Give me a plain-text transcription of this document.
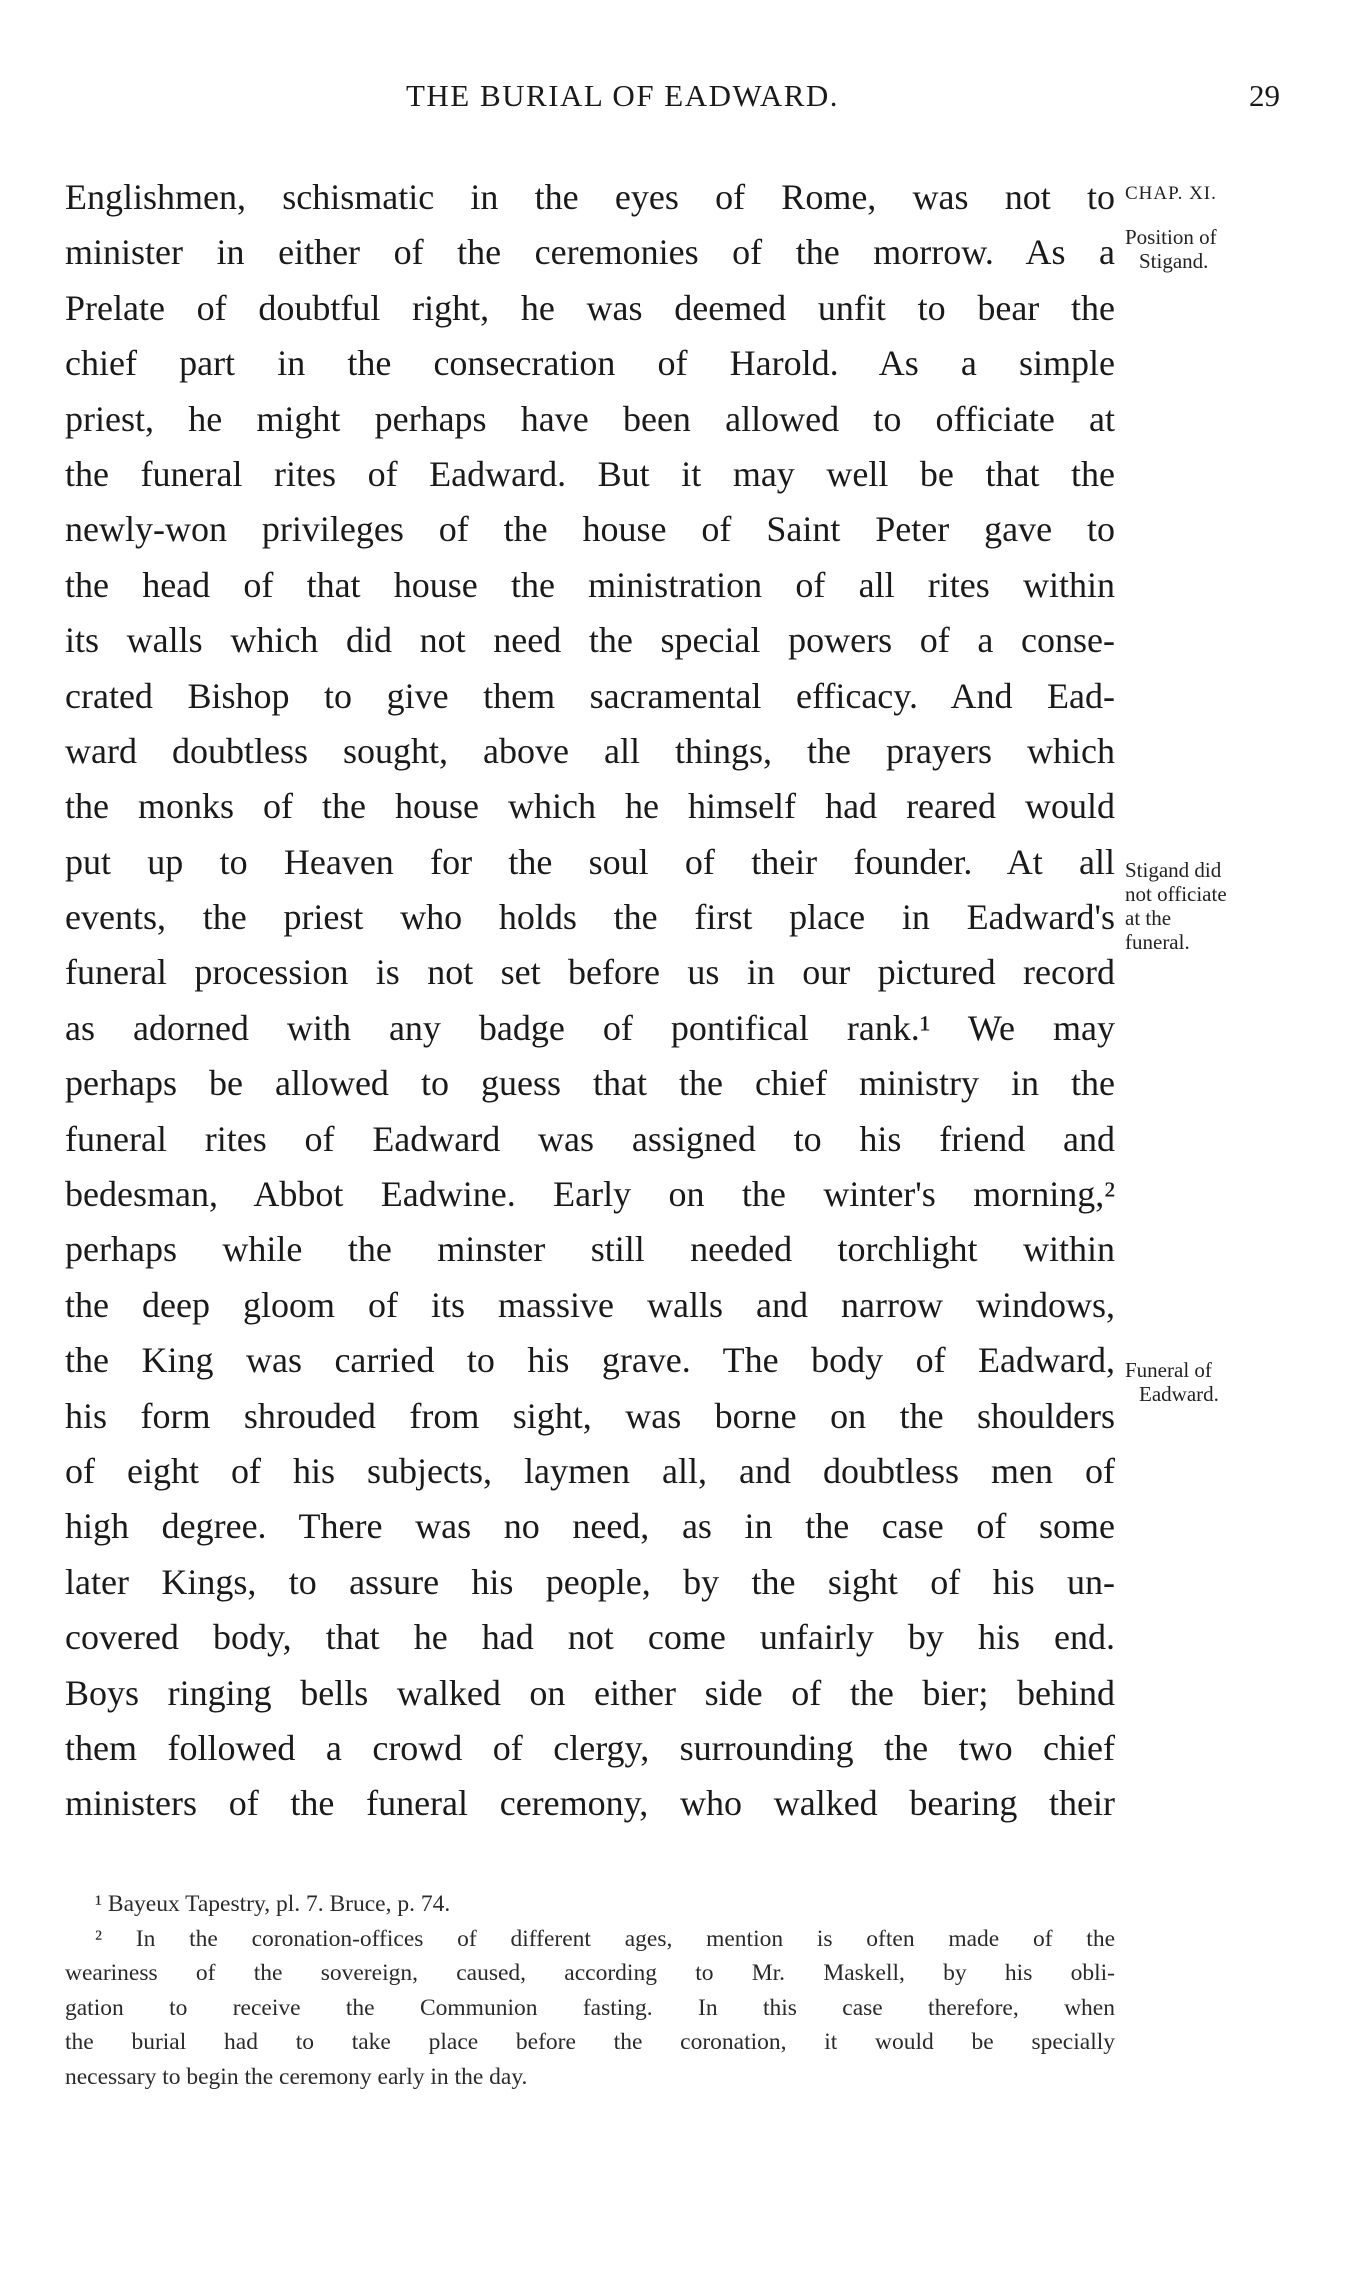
THE BURIAL OF EADWARD.	29
Englishmen, schismatic in the eyes of Rome, was not to
minister in either of the ceremonies of the morrow. As a
Prelate of doubtful right, he was deemed unfit to bear the
chief part in the consecration of Harold. As a simple
priest, he might perhaps have been allowed to officiate at
the funeral rites of Eadward. But it may well be that the
newly-won privileges of the house of Saint Peter gave to
the head of that house the ministration of all rites within
its walls which did not need the special powers of a conse-
crated Bishop to give them sacramental efficacy. And Ead-
ward doubtless sought, above all things, the prayers which
the monks of the house which he himself had reared would
put up to Heaven for the soul of their founder. At all
events, the priest who holds the first place in Eadward's
funeral procession is not set before us in our pictured record
as adorned with any badge of pontifical rank.¹ We may
perhaps be allowed to guess that the chief ministry in the
funeral rites of Eadward was assigned to his friend and
bedesman, Abbot Eadwine. Early on the winter's morning,²
perhaps while the minster still needed torchlight within
the deep gloom of its massive walls and narrow windows,
the King was carried to his grave. The body of Eadward,
his form shrouded from sight, was borne on the shoulders
of eight of his subjects, laymen all, and doubtless men of
high degree. There was no need, as in the case of some
later Kings, to assure his people, by the sight of his un-
covered body, that he had not come unfairly by his end.
Boys ringing bells walked on either side of the bier; behind
them followed a crowd of clergy, surrounding the two chief
ministers of the funeral ceremony, who walked bearing their
CHAP. XI.
Position of
Stigand.
Stigand did
not officiate
at the
funeral.
Funeral of
Eadward.
¹ Bayeux Tapestry, pl. 7. Bruce, p. 74.
² In the coronation-offices of different ages, mention is often made of the
weariness of the sovereign, caused, according to Mr. Maskell, by his obli-
gation to receive the Communion fasting. In this case therefore, when
the burial had to take place before the coronation, it would be specially
necessary to begin the ceremony early in the day.
